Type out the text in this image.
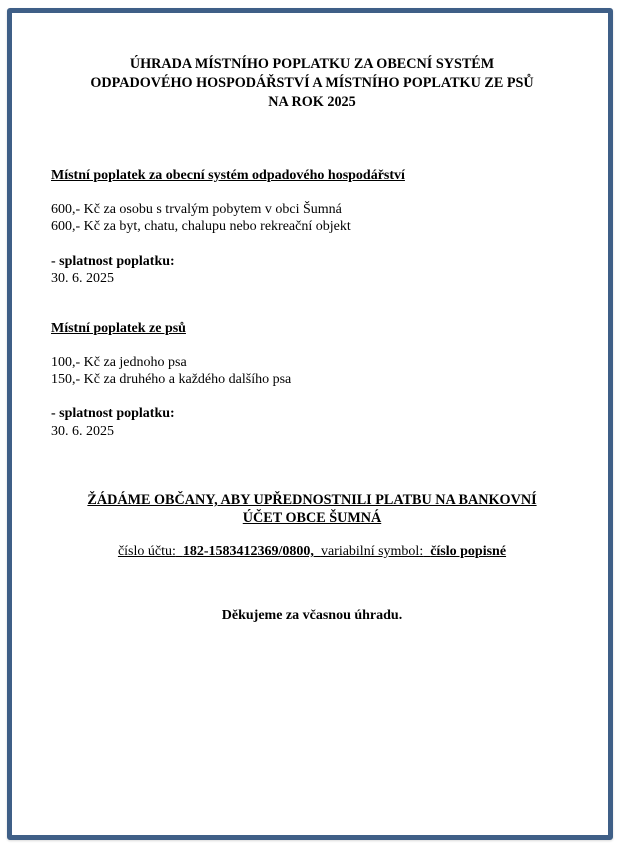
ÚHRADA MÍSTNÍHO POPLATKU ZA OBECNÍ SYSTÉM
ODPADOVÉHO HOSPODÁŘSTVÍ A MÍSTNÍHO POPLATKU ZE PSŮ
NA ROK 2025
Místní poplatek za obecní systém odpadového hospodářství
600,- Kč za osobu s trvalým pobytem v obci Šumná
600,- Kč za byt, chatu, chalupu nebo rekreační objekt
- splatnost poplatku:
30. 6. 2025
Místní poplatek ze psů
100,- Kč za jednoho psa
150,- Kč za druhého a každého dalšího psa
- splatnost poplatku:
30. 6. 2025
ŽÁDÁME OBČANY, ABY UPŘEDNOSTNILI PLATBU NA BANKOVNÍ
ÚČET OBCE ŠUMNÁ
číslo účtu: 182-1583412369/0800, variabilní symbol: číslo popisné
Děkujeme za včasnou úhradu.
